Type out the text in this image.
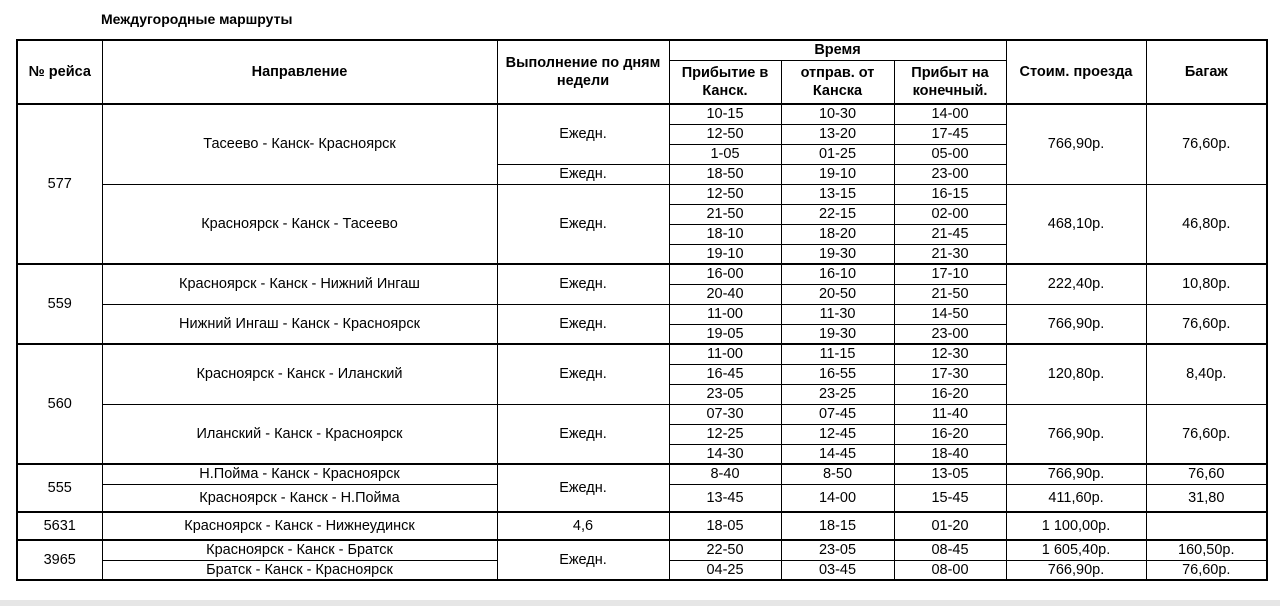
Междугородные маршруты
№ рейса	Направление	Выполнение по дням недели	Время			Стоим. проезда	Багаж
			Прибытие в Канск.	отправ. от Канска	Прибыт на конечный.		
577	Тасеево - Канск- Красноярск	Ежедн.	10-15	10-30	14-00	766,90р.	76,60р.
			12-50	13-20	17-45		
			1-05	01-25	05-00		
		Ежедн.	18-50	19-10	23-00		
	Красноярск - Канск - Тасеево	Ежедн.	12-50	13-15	16-15	468,10р.	46,80р.
			21-50	22-15	02-00		
			18-10	18-20	21-45		
			19-10	19-30	21-30		
559	Красноярск - Канск - Нижний Ингаш	Ежедн.	16-00	16-10	17-10	222,40р.	10,80р.
			20-40	20-50	21-50		
	Нижний Ингаш - Канск - Красноярск	Ежедн.	11-00	11-30	14-50	766,90р.	76,60р.
			19-05	19-30	23-00		
560	Красноярск - Канск - Иланский	Ежедн.	11-00	11-15	12-30	120,80р.	8,40р.
			16-45	16-55	17-30		
			23-05	23-25	16-20		
	Иланский - Канск - Красноярск	Ежедн.	07-30	07-45	11-40	766,90р.	76,60р.
			12-25	12-45	16-20		
			14-30	14-45	18-40		
555	Н.Пойма - Канск - Красноярск	Ежедн.	8-40	8-50	13-05	766,90р.	76,60
	Красноярск - Канск - Н.Пойма		13-45	14-00	15-45	411,60р.	31,80
5631	Красноярск - Канск - Нижнеудинск	4,6	18-05	18-15	01-20	1 100,00р.	
3965	Красноярск - Канск - Братск	Ежедн.	22-50	23-05	08-45	1 605,40р.	160,50р.
	Братск - Канск - Красноярск		04-25	03-45	08-00	766,90р.	76,60р.
